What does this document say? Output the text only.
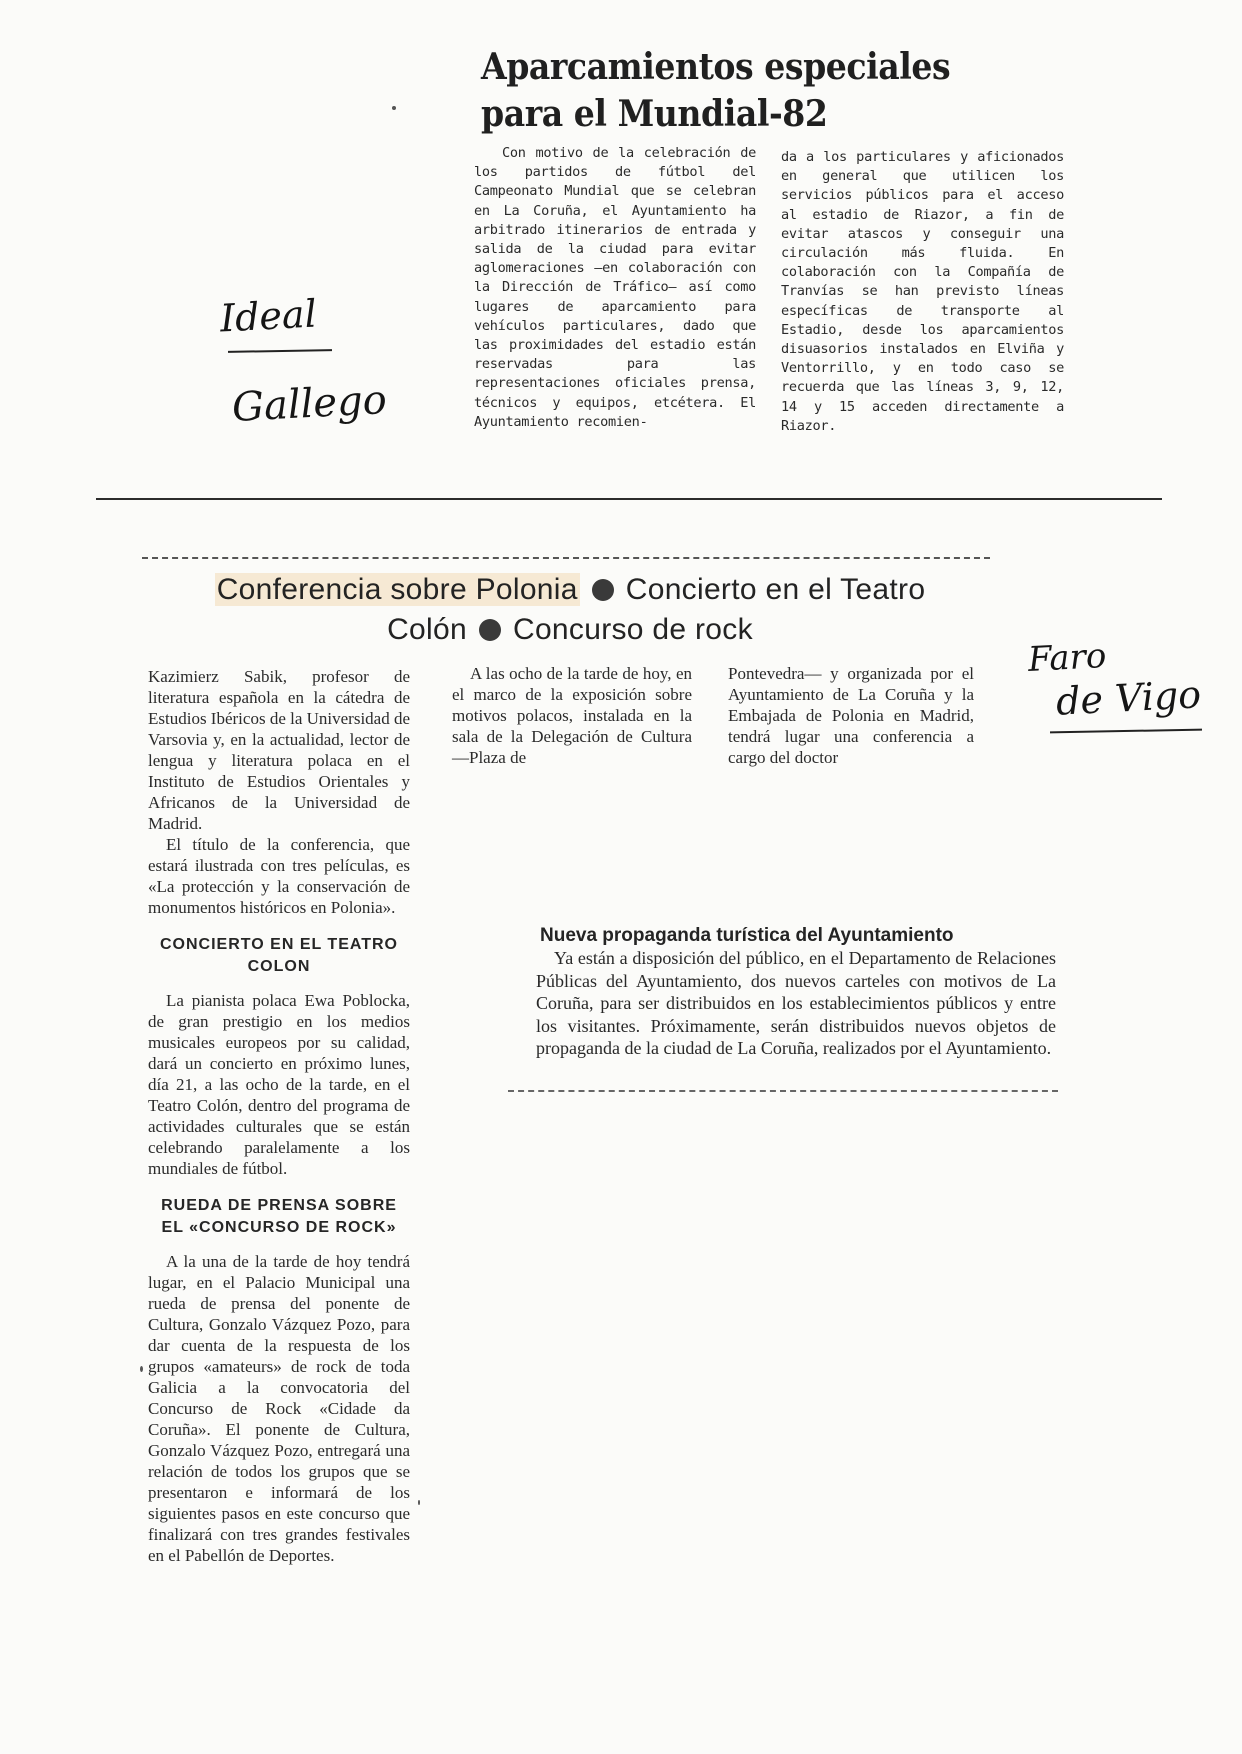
Aparcamientos especiales para el Mundial-82

Con motivo de la celebración de los partidos de fútbol del Campeonato Mundial que se celebran en La Coruña, el Ayuntamiento ha arbitrado itinerarios de entrada y salida de la ciudad para evitar aglomeraciones —en colaboración con la Dirección de Tráfico— así como lugares de aparcamiento para vehículos particulares, dado que las proximidades del estadio están reservadas para las representaciones oficiales prensa, técnicos y equipos, etcétera. El Ayuntamiento recomien-

da a los particulares y aficionados en general que utilicen los servicios públicos para el acceso al estadio de Riazor, a fin de evitar atascos y conseguir una circulación más fluida. En colaboración con la Compañía de Tranvías se han previsto líneas específicas de transporte al Estadio, desde los aparcamientos disuasorios instalados en Elviña y Ventorrillo, y en todo caso se recuerda que las líneas 3, 9, 12, 14 y 15 acceden directamente a Riazor.

Ideal
Gallego
Conferencia sobre Polonia Concierto en el Teatro
Colón Concurso de rock

Kazimierz Sabik, profesor de literatura española en la cátedra de Estudios Ibéricos de la Universidad de Varsovia y, en la actualidad, lector de lengua y literatura polaca en el Instituto de Estudios Orientales y Africanos de la Universidad de Madrid.

El título de la conferencia, que estará ilustrada con tres películas, es «La protección y la conservación de monumentos históricos en Polonia».

CONCIERTO EN EL TEATRO COLON

La pianista polaca Ewa Poblocka, de gran prestigio en los medios musicales europeos por su calidad, dará un concierto en próximo lunes, día 21, a las ocho de la tarde, en el Teatro Colón, dentro del programa de actividades culturales que se están celebrando paralelamente a los mundiales de fútbol.

RUEDA DE PRENSA SOBRE EL «CONCURSO DE ROCK»

A la una de la tarde de hoy tendrá lugar, en el Palacio Municipal una rueda de prensa del ponente de Cultura, Gonzalo Vázquez Pozo, para dar cuenta de la respuesta de los grupos «amateurs» de rock de toda Galicia a la convocatoria del Concurso de Rock «Cidade da Coruña». El ponente de Cultura, Gonzalo Vázquez Pozo, entregará una relación de todos los grupos que se presentaron e informará de los siguientes pasos en este concurso que finalizará con tres grandes festivales en el Pabellón de Deportes.

A las ocho de la tarde de hoy, en el marco de la exposición sobre motivos polacos, instalada en la sala de la Delegación de Cultura —Plaza de

Pontevedra— y organizada por el Ayuntamiento de La Coruña y la Embajada de Polonia en Madrid, tendrá lugar una conferencia a cargo del doctor

Faro
de Vigo
Nueva propaganda turística del Ayuntamiento

Ya están a disposición del público, en el Departamento de Relaciones Públicas del Ayuntamiento, dos nuevos carteles con motivos de La Coruña, para ser distribuidos en los establecimientos públicos y entre los visitantes. Próximamente, serán distribuidos nuevos objetos de propaganda de la ciudad de La Coruña, realizados por el Ayuntamiento.
